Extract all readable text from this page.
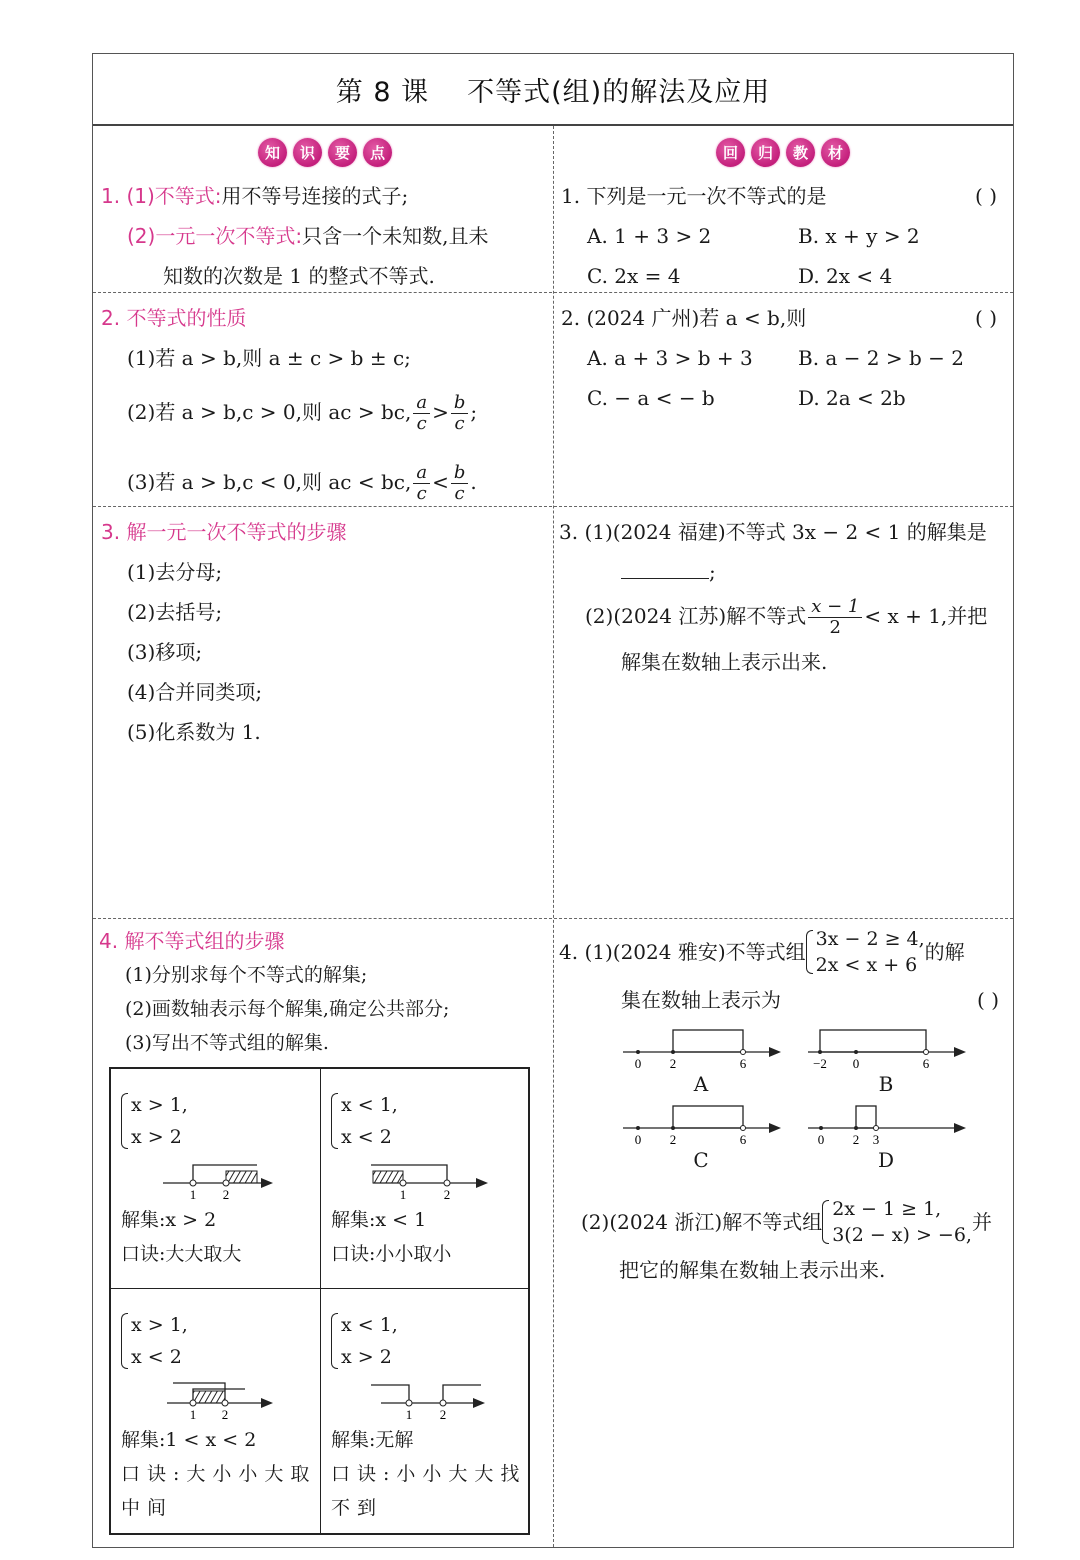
第 8 课 不等式(组)的解法及应用
知	识	要	点	回	归	教	材
1. (1)不等式:用不等号连接的式子;
(2)一元一次不等式:只含一个未知数,且未
知数的次数是 1 的整式不等式.
2. 不等式的性质
(1)若 a > b,则 a ± c > b ± c;
(2)若 a > b,c > 0,则 ac > bc, $\frac{a}{c} > \frac{b}{c}$ ;
(3)若 a > b,c < 0,则 ac < bc, $\frac{a}{c} < \frac{b}{c}$ .
3. 解一元一次不等式的步骤
(1)去分母;
(2)去括号;
(3)移项;
(4)合并同类项;
(5)化系数为 1.
4. 解不等式组的步骤
(1)分别求每个不等式的解集;
(2)画数轴表示每个解集,确定公共部分;
(3)写出不等式组的解集.
x > 1,
x > 2
1 2
解集:x > 2
口诀:大大取大
x < 1,
x < 2
1	2
解集:x < 1
口诀:小小取小
x > 1,
x < 2
1 2
解集:1 < x < 2
口诀:大小小大取
中间
x < 1,
x > 2
1 2
解集:无解
口诀:小小大大找
不到
1. 下列是一元一次不等式的是	( )
A. 1 + 3 > 2	B. x + y > 2
C. 2x = 4	D. 2x < 4
2. (2024 广州)若 a < b,则	( )
A. a + 3 > b + 3	B. a − 2 > b − 2
C. − a < − b	D. 2a < 2b
3. (1)(2024 福建)不等式 3x − 2 < 1 的解集是
;
(2)(2024 江苏)解不等式 $\frac{x - 1}{2} < x + 1$,并把
解集在数轴上表示出来.
4. (1)(2024 雅安)不等式组
3x − 2 ≥ 4,
2x < x + 6
的解
集在数轴上表示为	( )
0 2	6
A
−2 0	6
B
0 2	6
C
0 2 3
D
(2)(2024 浙江)解不等式组
2x − 1 ≥ 1,
3(2 − x) > −6,
并
把它的解集在数轴上表示出来.
